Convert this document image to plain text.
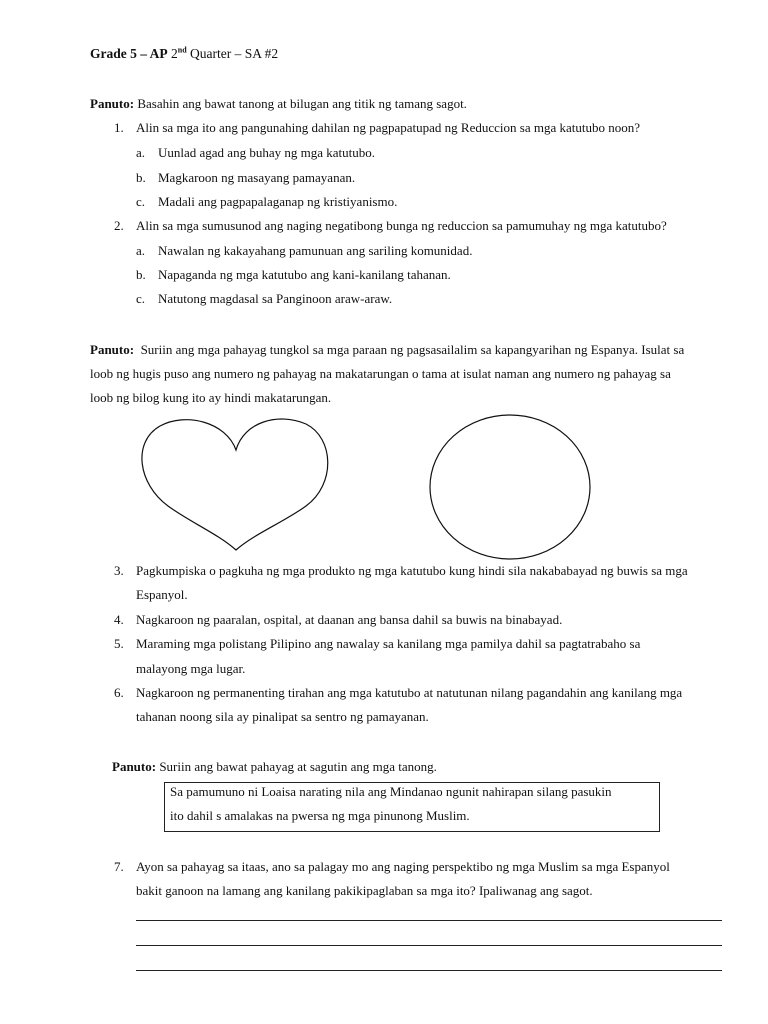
Grade 5 – AP 2nd Quarter – SA #2
Panuto: Basahin ang bawat tanong at bilugan ang titik ng tamang sagot.
1. Alin sa mga ito ang pangunahing dahilan ng pagpapatupad ng Reduccion sa mga katutubo noon?
a. Uunlad agad ang buhay ng mga katutubo.
b. Magkaroon ng masayang pamayanan.
c. Madali ang pagpapalaganap ng kristiyanismo.
2. Alin sa mga sumusunod ang naging negatibong bunga ng reduccion sa pamumuhay ng mga katutubo?
a. Nawalan ng kakayahang pamunuan ang sariling komunidad.
b. Napaganda ng mga katutubo ang kani-kanilang tahanan.
c. Natutong magdasal sa Panginoon araw-araw.
Panuto: Suriin ang mga pahayag tungkol sa mga paraan ng pagsasailalim sa kapangyarihan ng Espanya. Isulat sa
loob ng hugis puso ang numero ng pahayag na makatarungan o tama at isulat naman ang numero ng pahayag sa
loob ng bilog kung ito ay hindi makatarungan.
3. Pagkumpiska o pagkuha ng mga produkto ng mga katutubo kung hindi sila nakababayad ng buwis sa mga
Espanyol.
4. Nagkaroon ng paaralan, ospital, at daanan ang bansa dahil sa buwis na binabayad.
5. Maraming mga polistang Pilipino ang nawalay sa kanilang mga pamilya dahil sa pagtatrabaho sa
malayong mga lugar.
6. Nagkaroon ng permanenting tirahan ang mga katutubo at natutunan nilang pagandahin ang kanilang mga
tahanan noong sila ay pinalipat sa sentro ng pamayanan.
Panuto: Suriin ang bawat pahayag at sagutin ang mga tanong.
Sa pamumuno ni Loaisa narating nila ang Mindanao ngunit nahirapan silang pasukin
ito dahil s amalakas na pwersa ng mga pinunong Muslim.
7. Ayon sa pahayag sa itaas, ano sa palagay mo ang naging perspektibo ng mga Muslim sa mga Espanyol
bakit ganoon na lamang ang kanilang pakikipaglaban sa mga ito? Ipaliwanag ang sagot.
